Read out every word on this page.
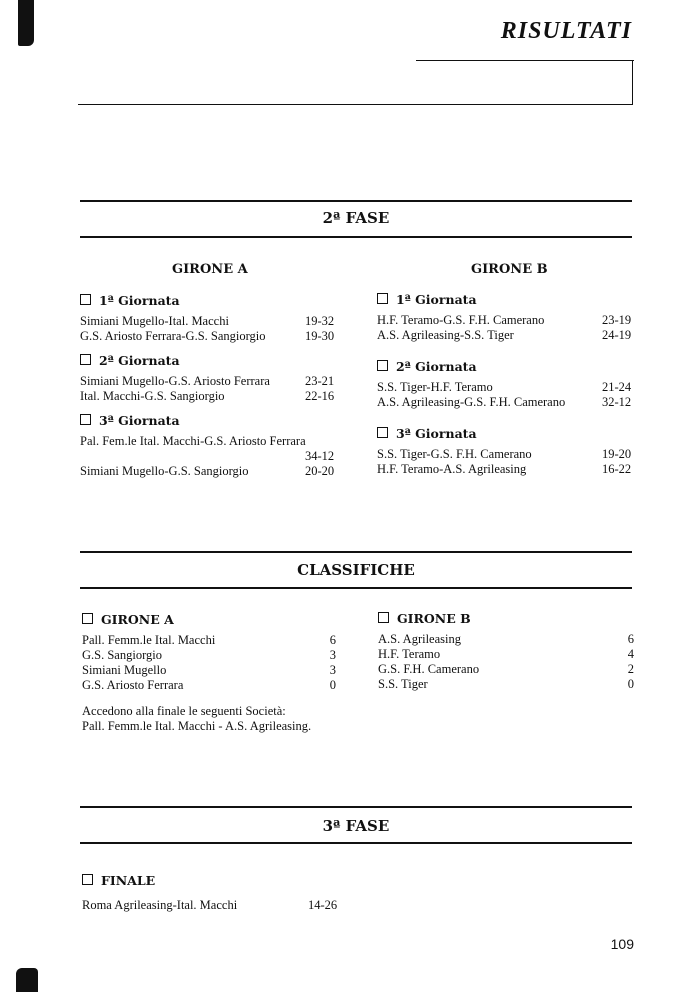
RISULTATI
2ª FASE
GIRONE A	GIRONE B
1ª Giornata
Simiani Mugello-Ital. Macchi	19-32
G.S. Ariosto Ferrara-G.S. Sangiorgio	19-30
2ª Giornata
Simiani Mugello-G.S. Ariosto Ferrara	23-21
Ital. Macchi-G.S. Sangiorgio	22-16
3ª Giornata
Pal. Fem.le Ital. Macchi-G.S. Ariosto Ferrara
34-12
Simiani Mugello-G.S. Sangiorgio	20-20
1ª Giornata
H.F. Teramo-G.S. F.H. Camerano	23-19
A.S. Agrileasing-S.S. Tiger	24-19
2ª Giornata
S.S. Tiger-H.F. Teramo	21-24
A.S. Agrileasing-G.S. F.H. Camerano	32-12
3ª Giornata
S.S. Tiger-G.S. F.H. Camerano	19-20
H.F. Teramo-A.S. Agrileasing	16-22
CLASSIFICHE
GIRONE A	GIRONE B
Pall. Femm.le Ital. Macchi	6
G.S. Sangiorgio	3
Simiani Mugello	3
G.S. Ariosto Ferrara	0
A.S. Agrileasing	6
H.F. Teramo	4
G.S. F.H. Camerano	2
S.S. Tiger	0
Accedono alla finale le seguenti Società:
Pall. Femm.le Ital. Macchi - A.S. Agrileasing.
3ª FASE
FINALE
Roma Agrileasing-Ital. Macchi	14-26
109
